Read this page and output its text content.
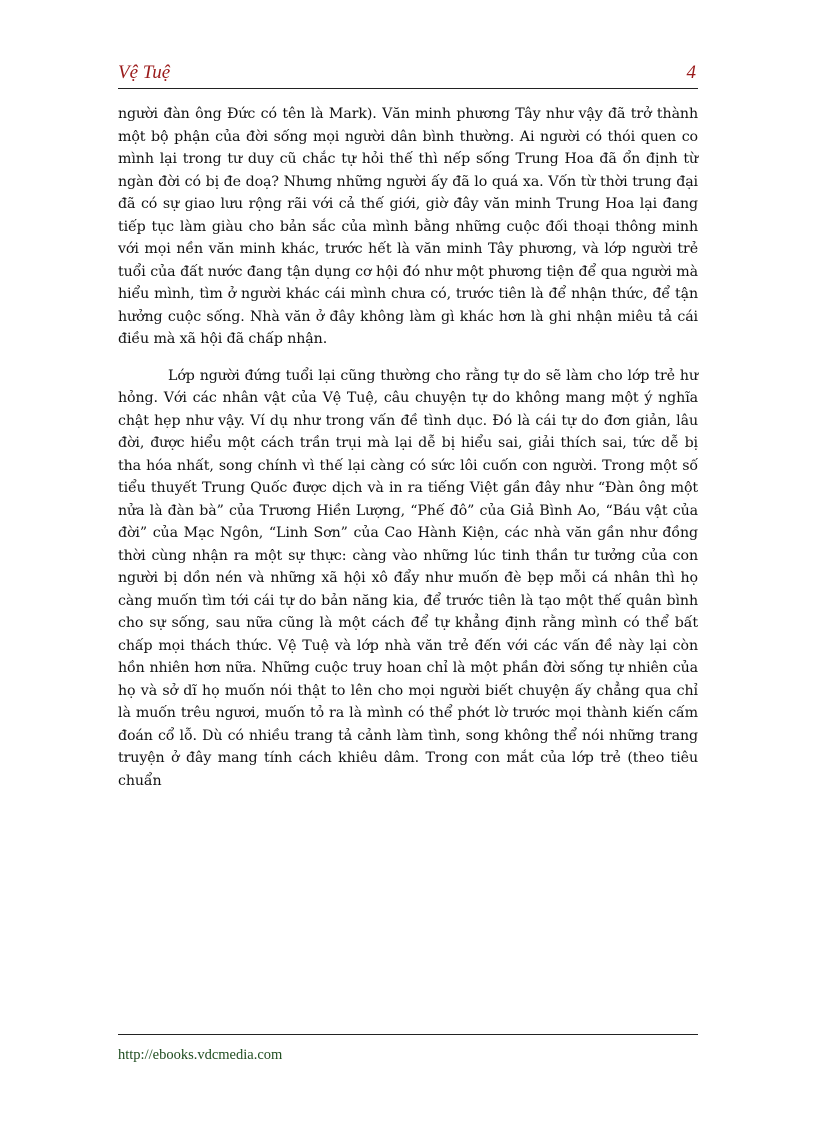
Vệ Tuệ	4

người đàn ông Đức có tên là Mark). Văn minh phương Tây như vậy đã trở thành một bộ phận của đời sống mọi người dân bình thường. Ai người có thói quen co mình lại trong tư duy cũ chắc tự hỏi thế thì nếp sống Trung Hoa đã ổn định từ ngàn đời có bị đe doạ? Nhưng những người ấy đã lo quá xa. Vốn từ thời trung đại đã có sự giao lưu rộng rãi với cả thế giới, giờ đây văn minh Trung Hoa lại đang tiếp tục làm giàu cho bản sắc của mình bằng những cuộc đối thoại thông minh với mọi nền văn minh khác, trước hết là văn minh Tây phương, và lớp người trẻ tuổi của đất nước đang tận dụng cơ hội đó như một phương tiện để qua người mà hiểu mình, tìm ở người khác cái mình chưa có, trước tiên là để nhận thức, để tận hưởng cuộc sống. Nhà văn ở đây không làm gì khác hơn là ghi nhận miêu tả cái điều mà xã hội đã chấp nhận.

Lớp người đứng tuổi lại cũng thường cho rằng tự do sẽ làm cho lớp trẻ hư hỏng. Với các nhân vật của Vệ Tuệ, câu chuyện tự do không mang một ý nghĩa chật hẹp như vậy. Ví dụ như trong vấn đề tình dục. Đó là cái tự do đơn giản, lâu đời, được hiểu một cách trần trụi mà lại dễ bị hiểu sai, giải thích sai, tức dễ bị tha hóa nhất, song chính vì thế lại càng có sức lôi cuốn con người. Trong một số tiểu thuyết Trung Quốc được dịch và in ra tiếng Việt gần đây như “Đàn ông một nửa là đàn bà” của Trương Hiền Lượng, “Phế đô” của Giả Bình Ao, “Báu vật của đời” của Mạc Ngôn, “Linh Sơn” của Cao Hành Kiện, các nhà văn gần như đồng thời cùng nhận ra một sự thực: càng vào những lúc tinh thần tư tưởng của con người bị dồn nén và những xã hội xô đẩy như muốn đè bẹp mỗi cá nhân thì họ càng muốn tìm tới cái tự do bản năng kia, để trước tiên là tạo một thế quân bình cho sự sống, sau nữa cũng là một cách để tự khẳng định rằng mình có thể bất chấp mọi thách thức. Vệ Tuệ và lớp nhà văn trẻ đến với các vấn đề này lại còn hồn nhiên hơn nữa. Những cuộc truy hoan chỉ là một phần đời sống tự nhiên của họ và sở dĩ họ muốn nói thật to lên cho mọi người biết chuyện ấy chẳng qua chỉ là muốn trêu ngươi, muốn tỏ ra là mình có thể phớt lờ trước mọi thành kiến cấm đoán cổ lỗ. Dù có nhiều trang tả cảnh làm tình, song không thể nói những trang truyện ở đây mang tính cách khiêu dâm. Trong con mắt của lớp trẻ (theo tiêu chuẩn

http://ebooks.vdcmedia.com
